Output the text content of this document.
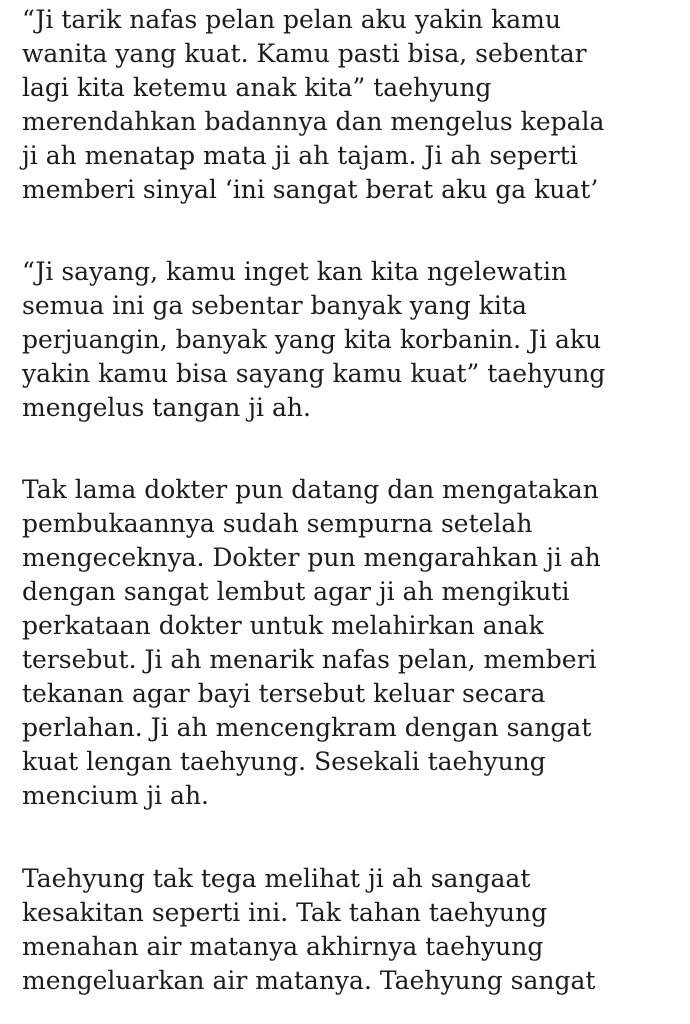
“Ji tarik nafas pelan pelan aku yakin kamu
wanita yang kuat. Kamu pasti bisa, sebentar
lagi kita ketemu anak kita” taehyung
merendahkan badannya dan mengelus kepala
ji ah menatap mata ji ah tajam. Ji ah seperti
memberi sinyal ‘ini sangat berat aku ga kuat’
“Ji sayang, kamu inget kan kita ngelewatin
semua ini ga sebentar banyak yang kita
perjuangin, banyak yang kita korbanin. Ji aku
yakin kamu bisa sayang kamu kuat” taehyung
mengelus tangan ji ah.
Tak lama dokter pun datang dan mengatakan
pembukaannya sudah sempurna setelah
mengeceknya. Dokter pun mengarahkan ji ah
dengan sangat lembut agar ji ah mengikuti
perkataan dokter untuk melahirkan anak
tersebut. Ji ah menarik nafas pelan, memberi
tekanan agar bayi tersebut keluar secara
perlahan. Ji ah mencengkram dengan sangat
kuat lengan taehyung. Sesekali taehyung
mencium ji ah.
Taehyung tak tega melihat ji ah sangaat
kesakitan seperti ini. Tak tahan taehyung
menahan air matanya akhirnya taehyung
mengeluarkan air matanya. Taehyung sangat
